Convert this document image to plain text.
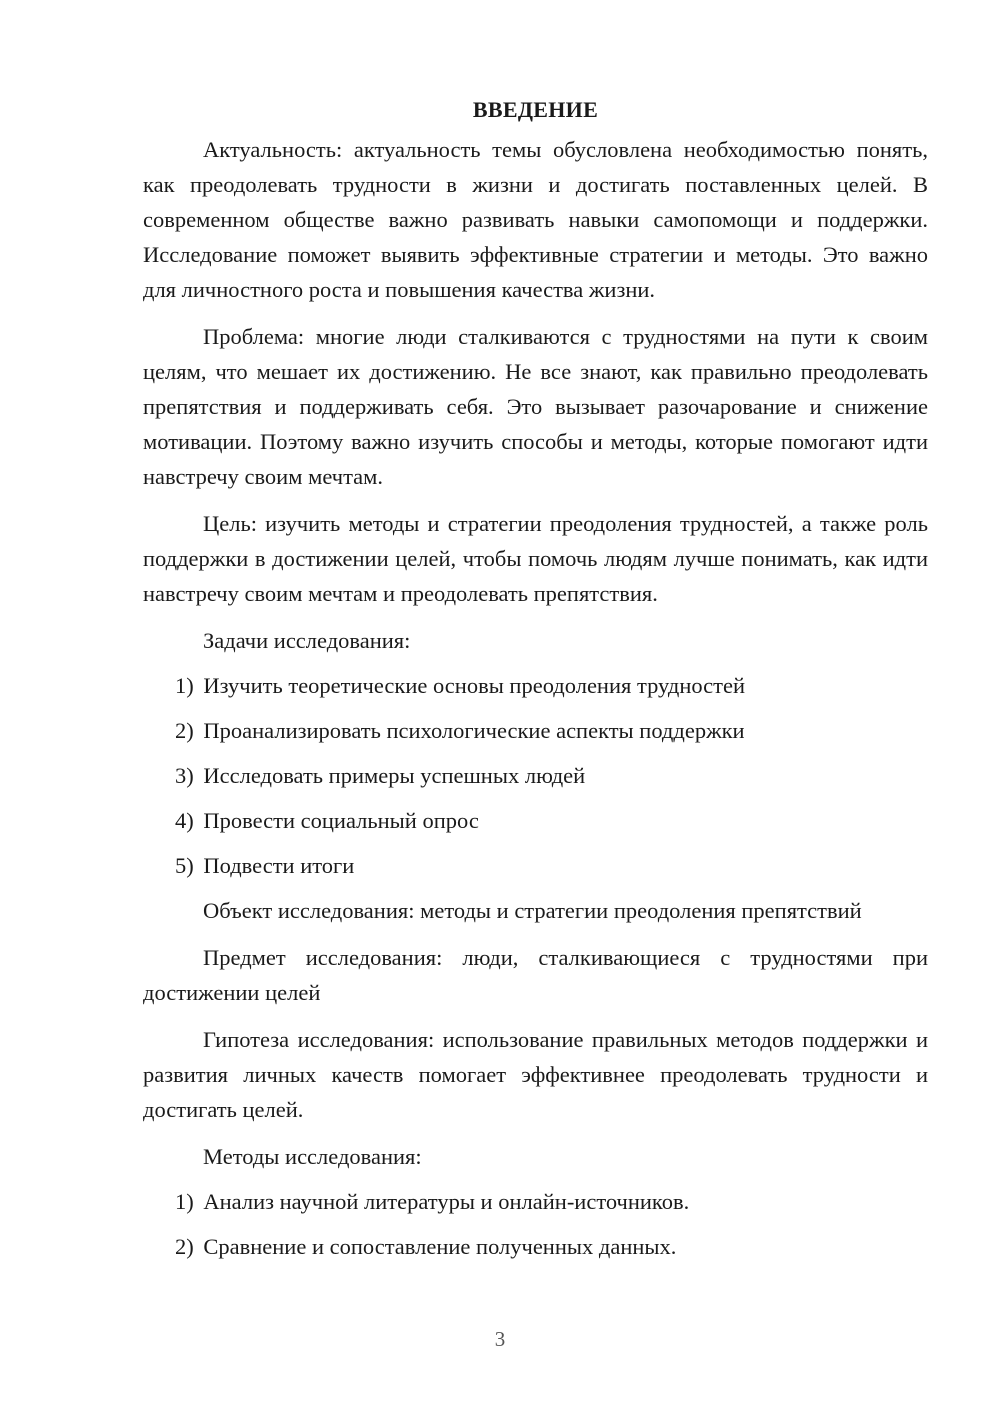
ВВЕДЕНИЕ

Актуальность: актуальность темы обусловлена необходимостью понять, как преодолевать трудности в жизни и достигать поставленных целей. В современном обществе важно развивать навыки самопомощи и поддержки. Исследование поможет выявить эффективные стратегии и методы. Это важно для личностного роста и повышения качества жизни.

Проблема: многие люди сталкиваются с трудностями на пути к своим целям, что мешает их достижению. Не все знают, как правильно преодолевать препятствия и поддерживать себя. Это вызывает разочарование и снижение мотивации. Поэтому важно изучить способы и методы, которые помогают идти навстречу своим мечтам.

Цель: изучить методы и стратегии преодоления трудностей, а также роль поддержки в достижении целей, чтобы помочь людям лучше понимать, как идти навстречу своим мечтам и преодолевать препятствия.

Задачи исследования:

1) Изучить теоретические основы преодоления трудностей
2) Проанализировать психологические аспекты поддержки
3) Исследовать примеры успешных людей
4) Провести социальный опрос
5) Подвести итоги

Объект исследования: методы и стратегии преодоления препятствий

Предмет исследования: люди, сталкивающиеся с трудностями при достижении целей

Гипотеза исследования: использование правильных методов поддержки и развития личных качеств помогает эффективнее преодолевать трудности и достигать целей.

Методы исследования:

1) Анализ научной литературы и онлайн-источников.
2) Сравнение и сопоставление полученных данных.
3
